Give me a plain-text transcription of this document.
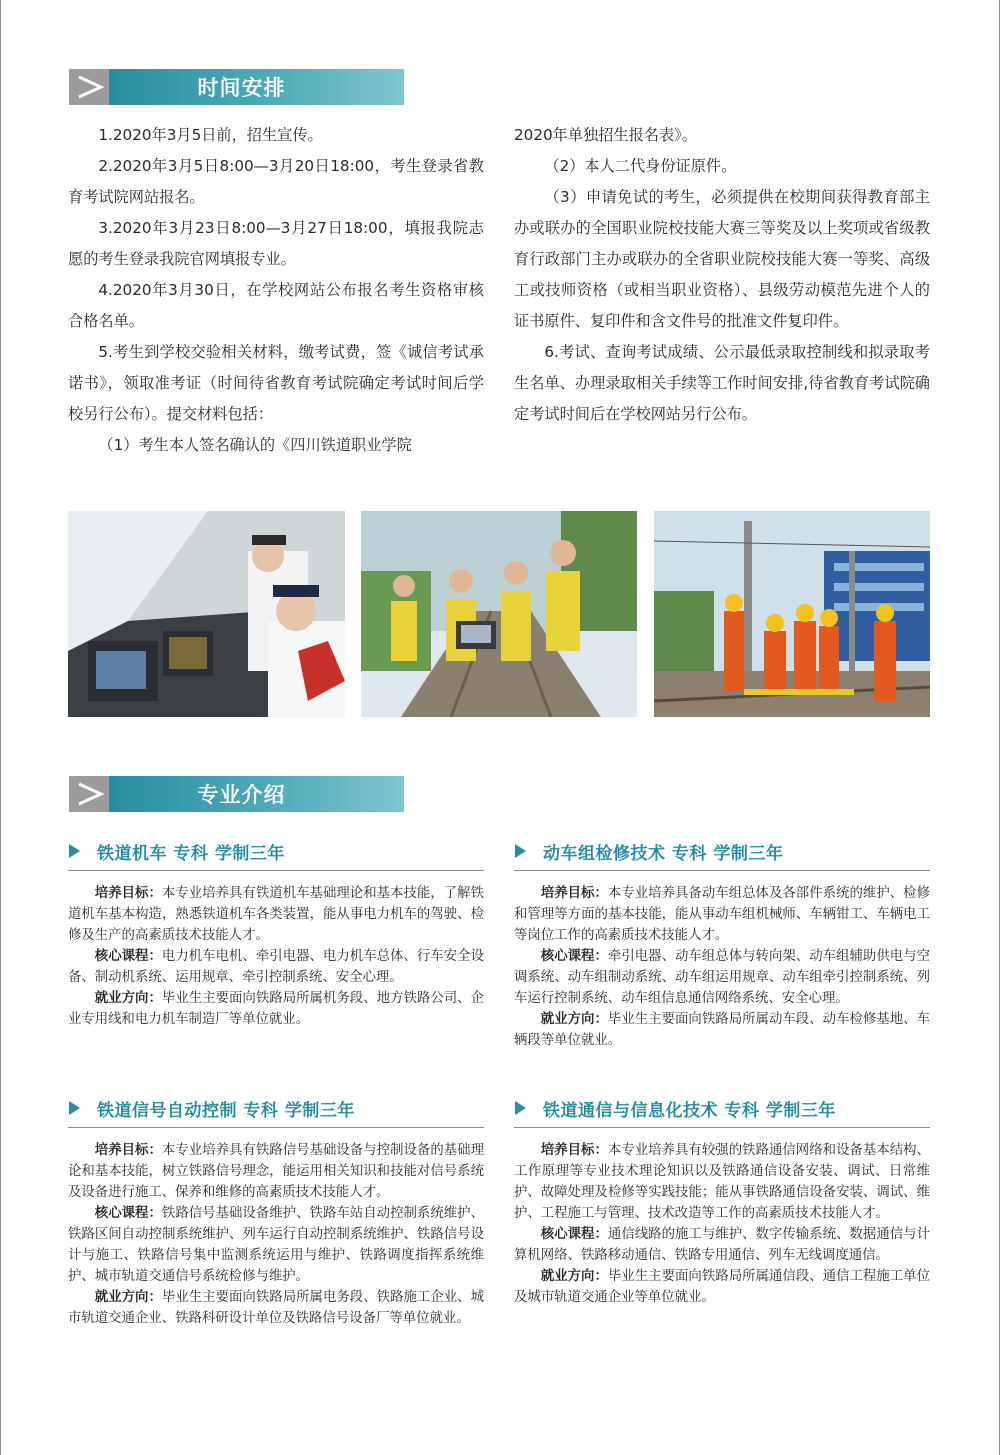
时间安排

1.2020年3月5日前，招生宣传。

2.2020年3月5日8:00—3月20日18:00，考生登录省教育考试院网站报名。

3.2020年3月23日8:00—3月27日18:00，填报我院志愿的考生登录我院官网填报专业。

4.2020年3月30日，在学校网站公布报名考生资格审核合格名单。

5.考生到学校交验相关材料，缴考试费，签《诚信考试承诺书》，领取准考证（时间待省教育考试院确定考试时间后学校另行公布）。提交材料包括：

（1）考生本人签名确认的《四川铁道职业学院

2020年单独招生报名表》。

（2）本人二代身份证原件。

（3）申请免试的考生，必须提供在校期间获得教育部主办或联办的全国职业院校技能大赛三等奖及以上奖项或省级教育行政部门主办或联办的全省职业院校技能大赛一等奖、高级工或技师资格（或相当职业资格）、县级劳动模范先进个人的证书原件、复印件和含文件号的批准文件复印件。

6.考试、查询考试成绩、公示最低录取控制线和拟录取考生名单、办理录取相关手续等工作时间安排,待省教育考试院确定考试时间后在学校网站另行公布。

专业介绍
铁道机车 专科 学制三年

培养目标：本专业培养具有铁道机车基础理论和基本技能，了解铁道机车基本构造，熟悉铁道机车各类装置，能从事电力机车的驾驶、检修及生产的高素质技术技能人才。

核心课程：电力机车电机、牵引电器、电力机车总体、行车安全设备、制动机系统、运用规章、牵引控制系统、安全心理。

就业方向：毕业生主要面向铁路局所属机务段、地方铁路公司、企业专用线和电力机车制造厂等单位就业。

动车组检修技术 专科 学制三年

培养目标：本专业培养具备动车组总体及各部件系统的维护、检修和管理等方面的基本技能，能从事动车组机械师、车辆钳工、车辆电工等岗位工作的高素质技术技能人才。

核心课程：牵引电器、动车组总体与转向架、动车组辅助供电与空调系统、动车组制动系统、动车组运用规章、动车组牵引控制系统、列车运行控制系统、动车组信息通信网络系统、安全心理。

就业方向：毕业生主要面向铁路局所属动车段、动车检修基地、车辆段等单位就业。

铁道信号自动控制 专科 学制三年

培养目标：本专业培养具有铁路信号基础设备与控制设备的基础理论和基本技能，树立铁路信号理念，能运用相关知识和技能对信号系统及设备进行施工、保养和维修的高素质技术技能人才。

核心课程：铁路信号基础设备维护、铁路车站自动控制系统维护、铁路区间自动控制系统维护、列车运行自动控制系统维护、铁路信号设计与施工、铁路信号集中监测系统运用与维护、铁路调度指挥系统维护、城市轨道交通信号系统检修与维护。

就业方向：毕业生主要面向铁路局所属电务段、铁路施工企业、城市轨道交通企业、铁路科研设计单位及铁路信号设备厂等单位就业。

铁道通信与信息化技术 专科 学制三年

培养目标：本专业培养具有较强的铁路通信网络和设备基本结构、工作原理等专业技术理论知识以及铁路通信设备安装、调试、日常维护、故障处理及检修等实践技能；能从事铁路通信设备安装、调试、维护、工程施工与管理、技术改造等工作的高素质技术技能人才。

核心课程：通信线路的施工与维护、数字传输系统、数据通信与计算机网络、铁路移动通信、铁路专用通信、列车无线调度通信。

就业方向：毕业生主要面向铁路局所属通信段、通信工程施工单位及城市轨道交通企业等单位就业。
